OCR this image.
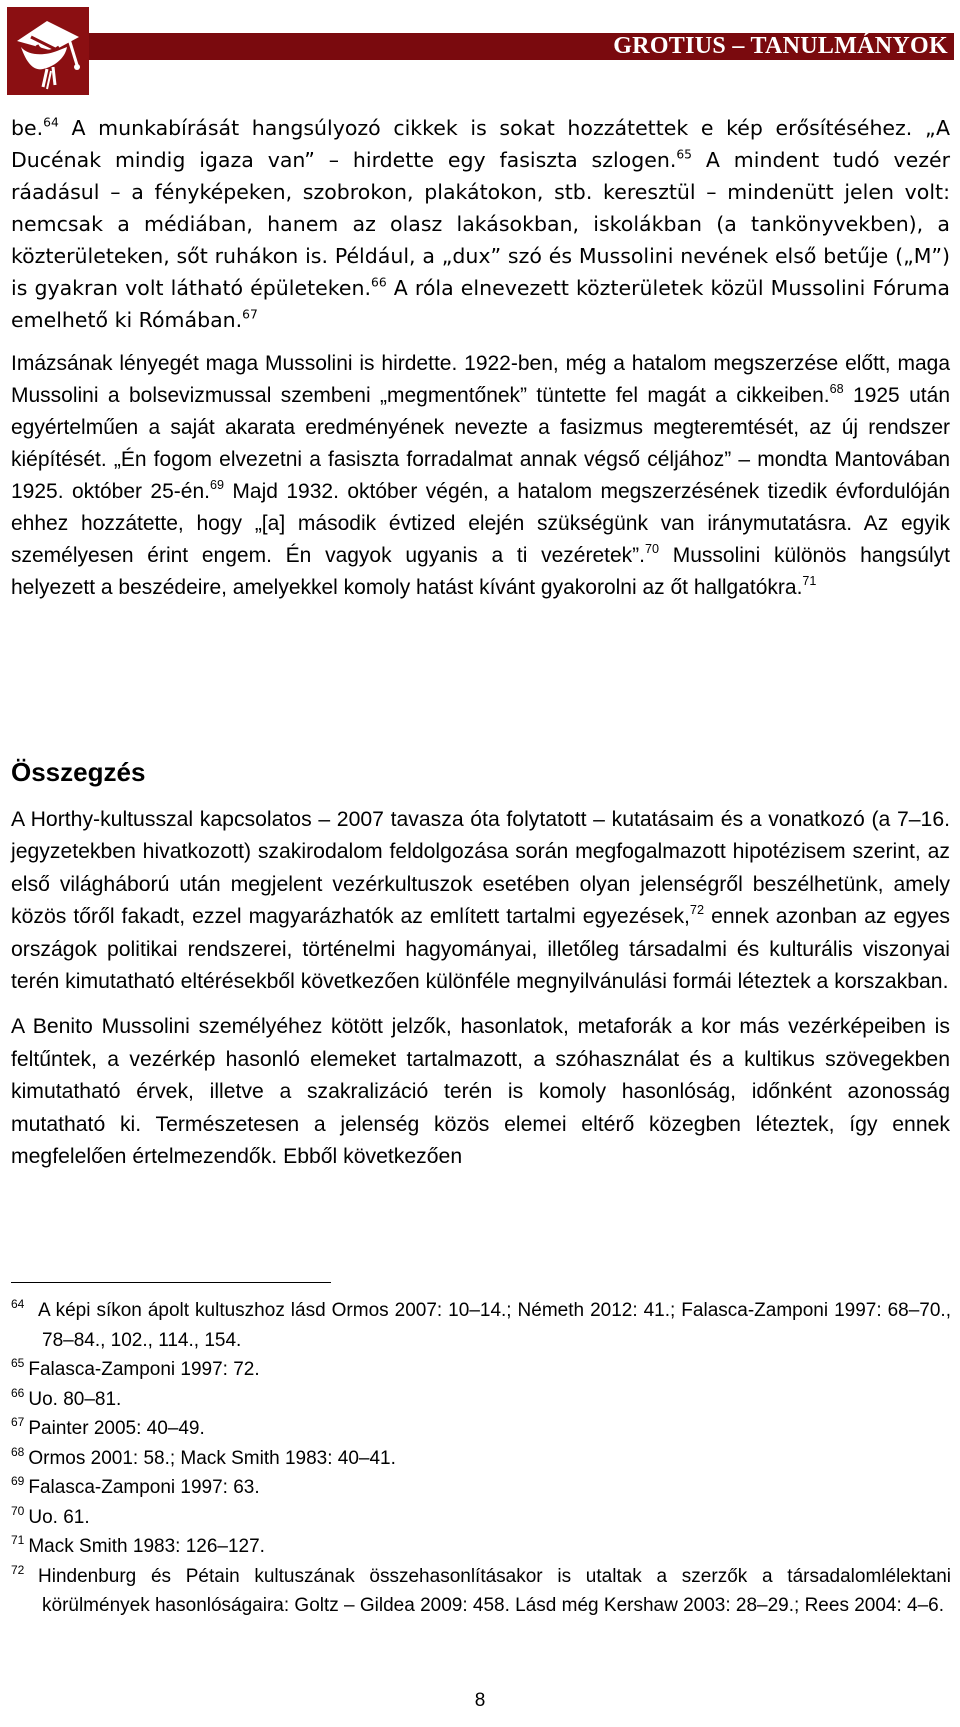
GROTIUS – TANULMÁNYOK

be.$^{64}$ A munkabírását hangsúlyozó cikkek is sokat hozzátettek e kép erősítéséhez. „A Ducénak mindig igaza van” – hirdette egy fasiszta szlogen.$^{65}$ A mindent tudó vezér ráadásul – a fényképeken, szobrokon, plakátokon, stb. keresztül – mindenütt jelen volt: nemcsak a médiában, hanem az olasz lakásokban, iskolákban (a tankönyvekben), a közterületeken, sőt ruhákon is. Például, a „dux” szó és Mussolini nevének első betűje („M”) is gyakran volt látható épületeken.$^{66}$ A róla elnevezett közterületek közül Mussolini Fóruma emelhető ki Rómában.$^{67}$

Imázsának lényegét maga Mussolini is hirdette. 1922-ben, még a hatalom megszerzése előtt, maga Mussolini a bolsevizmussal szembeni „megmentőnek” tüntette fel magát a cikkeiben.$^{68}$ 1925 után egyértelműen a saját akarata eredményének nevezte a fasizmus megteremtését, az új rendszer kiépítését. „Én fogom elvezetni a fasiszta forradalmat annak végső céljához” – mondta Mantovában 1925. október 25-én.$^{69}$ Majd 1932. október végén, a hatalom megszerzésének tizedik évfordulóján ehhez hozzátette, hogy „[a] második évtized elején szükségünk van iránymutatásra. Az egyik személyesen érint engem. Én vagyok ugyanis a ti vezéretek”.$^{70}$ Mussolini különös hangsúlyt helyezett a beszédeire, amelyekkel komoly hatást kívánt gyakorolni az őt hallgatókra.$^{71}$

Összegzés

A Horthy-kultusszal kapcsolatos – 2007 tavasza óta folytatott – kutatásaim és a vonatkozó (a 7–16. jegyzetekben hivatkozott) szakirodalom feldolgozása során megfogalmazott hipotézisem szerint, az első világháború után megjelent vezérkultuszok esetében olyan jelenségről beszélhetünk, amely közös tőről fakadt, ezzel magyarázhatók az említett tartalmi egyezések,$^{72}$ ennek azonban az egyes országok politikai rendszerei, történelmi hagyományai, illetőleg társadalmi és kulturális viszonyai terén kimutatható eltérésekből következően különféle megnyilvánulási formái léteztek a korszakban.

A Benito Mussolini személyéhez kötött jelzők, hasonlatok, metaforák a kor más vezérképeiben is feltűntek, a vezérkép hasonló elemeket tartalmazott, a szóhasználat és a kultikus szövegekben kimutatható érvek, illetve a szakralizáció terén is komoly hasonlóság, időnként azonosság mutatható ki. Természetesen a jelenség közös elemei eltérő közegben léteztek, így ennek megfelelően értelmezendők. Ebből következően

64 A képi síkon ápolt kultuszhoz lásd Ormos 2007: 10–14.; Németh 2012: 41.; Falasca-Zamponi 1997: 68–70., 78–84., 102., 114., 154.

$^{65}$ Falasca-Zamponi 1997: 72.

$^{66}$ Uo. 80–81.

$^{67}$ Painter 2005: 40–49.

$^{68}$ Ormos 2001: 58.; Mack Smith 1983: 40–41.

$^{69}$ Falasca-Zamponi 1997: 63.

$^{70}$ Uo. 61.

$^{71}$ Mack Smith 1983: 126–127.

72 Hindenburg és Pétain kultuszának összehasonlításakor is utaltak a szerzők a társadalomlélektani körülmények hasonlóságaira: Goltz – Gildea 2009: 458. Lásd még Kershaw 2003: 28–29.; Rees 2004: 4–6.

8
